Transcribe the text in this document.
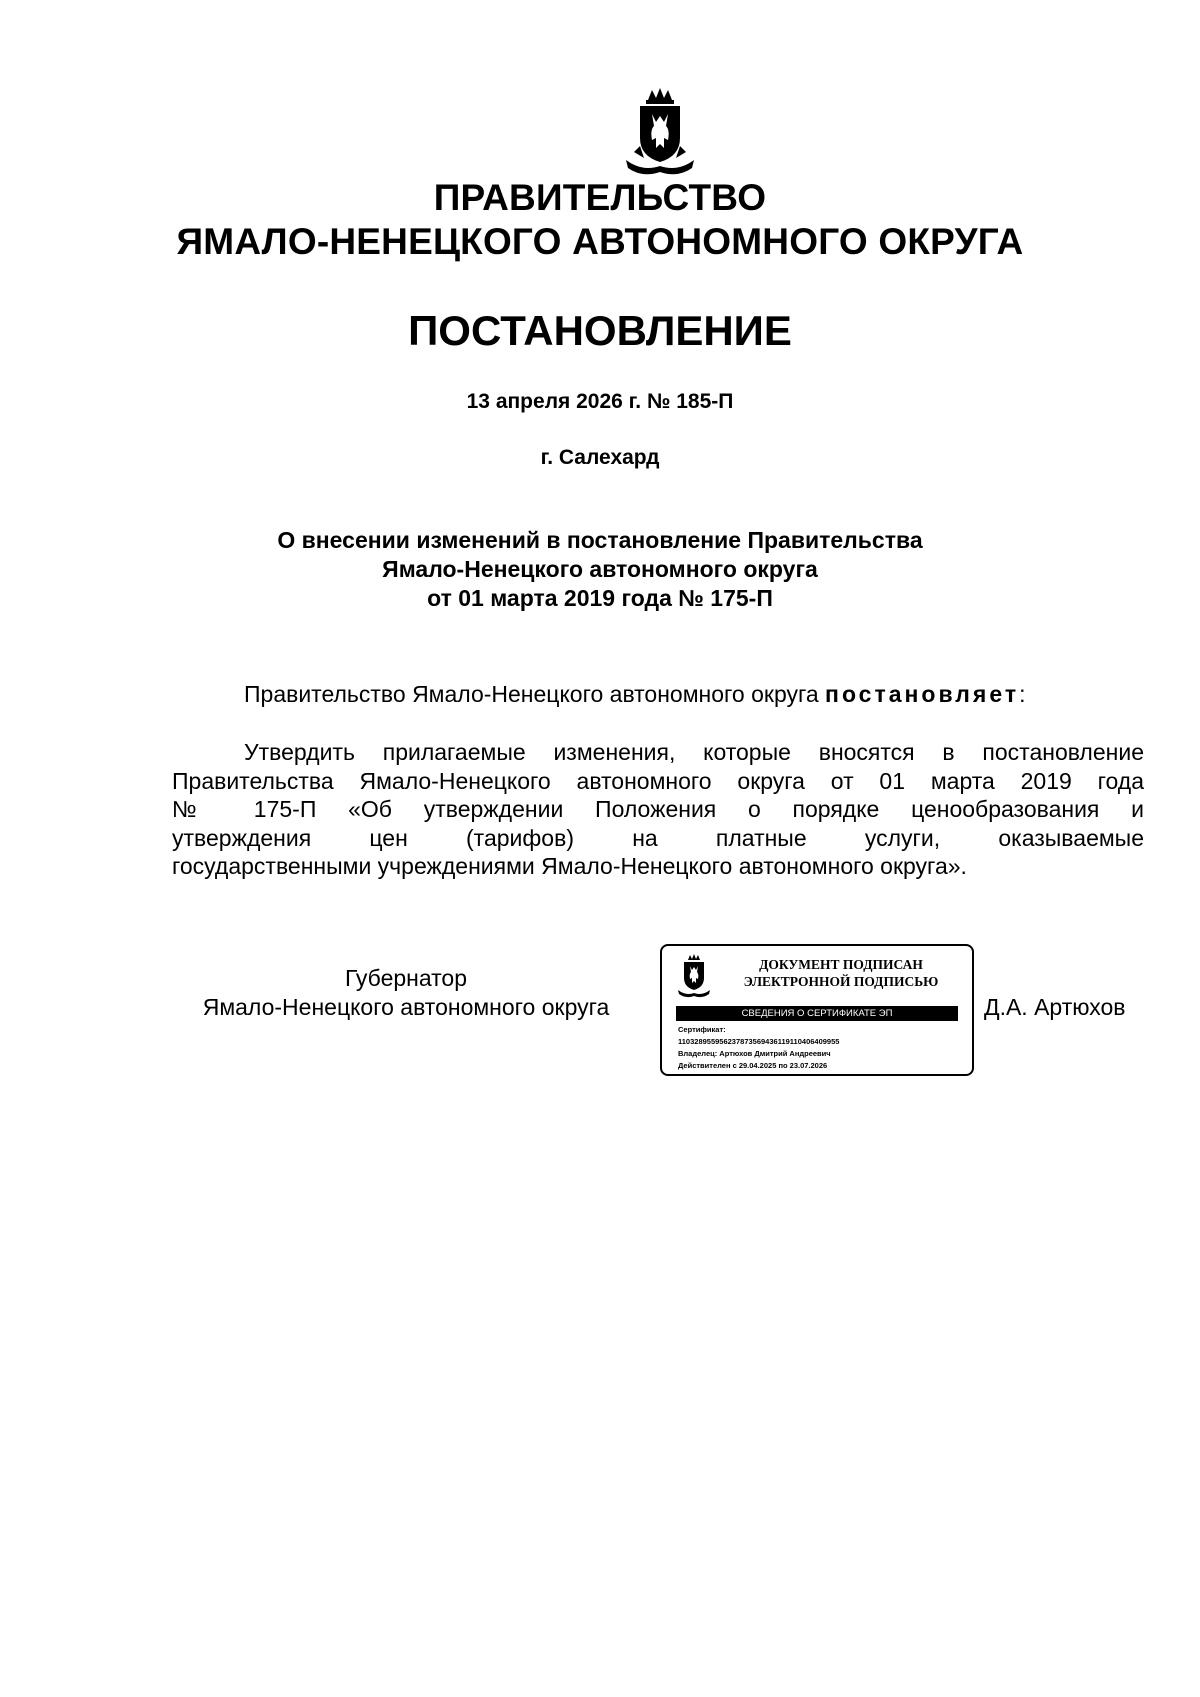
ПРАВИТЕЛЬСТВО
ЯМАЛО-НЕНЕЦКОГО АВТОНОМНОГО ОКРУГА
ПОСТАНОВЛЕНИЕ
13 апреля 2026 г. № 185-П
г. Салехард
О внесении изменений в постановление Правительства
Ямало-Ненецкого автономного округа
от 01 марта 2019 года № 175-П
Правительство Ямало-Ненецкого автономного округа постановляет:
Утвердить прилагаемые изменения, которые вносятся в постановление
Правительства Ямало-Ненецкого автономного округа от 01 марта 2019 года
№ 175-П «Об утверждении Положения о порядке ценообразования и
утверждения цен (тарифов) на платные услуги, оказываемые
государственными учреждениями Ямало-Ненецкого автономного округа».
Губернатор
Ямало-Ненецкого автономного округа
ДОКУМЕНТ ПОДПИСАН
ЭЛЕКТРОННОЙ ПОДПИСЬЮ
СВЕДЕНИЯ О СЕРТИФИКАТЕ ЭП
Сертификат:
11032895595623787356943611911040640995​5
Владелец: Артюхов Дмитрий Андреевич
Действителен с 29.04.2025 по 23.07.2026
Д.А. Артюхов
